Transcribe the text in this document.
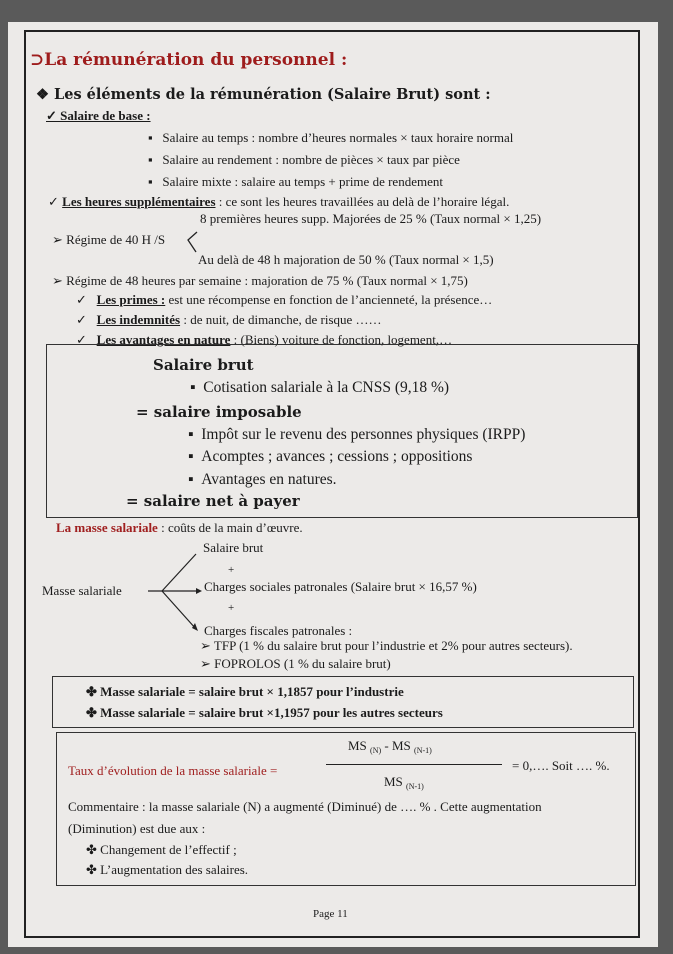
⊃La rémunération du personnel :
❖ Les éléments de la rémunération (Salaire Brut) sont :
✓ Salaire de base :
▪   Salaire au temps : nombre d’heures normales × taux horaire normal
▪   Salaire au rendement : nombre de pièces × taux par pièce
▪   Salaire mixte : salaire au temps + prime de rendement
✓ Les heures supplémentaires : ce sont les heures travaillées au delà de l’horaire légal.
8 premières heures supp. Majorées de 25 % (Taux normal × 1,25)
➢ Régime de 40 H /S
Au delà de 48 h majoration de 50 % (Taux normal × 1,5)
➢ Régime de 48 heures par semaine : majoration de 75 % (Taux normal × 1,75)
✓   Les primes : est une récompense en fonction de l’ancienneté, la présence…
✓   Les indemnités : de nuit, de dimanche, de risque ……
✓   Les avantages en nature : (Biens) voiture de fonction, logement,…
Salaire brut
▪  Cotisation salariale à la CNSS (9,18 %)
= salaire imposable
▪  Impôt sur le revenu des personnes physiques (IRPP)
▪  Acomptes ; avances ; cessions ; oppositions
▪  Avantages en natures.
= salaire net à payer
La masse salariale : coûts de la main d’œuvre.
Salaire brut
+
Masse salariale	Charges sociales patronales (Salaire brut × 16,57 %)
+
Charges fiscales patronales :
➢ TFP (1 % du salaire brut pour l’industrie et 2% pour autres secteurs).
➢ FOPROLOS (1 % du salaire brut)
✤ Masse salariale = salaire brut × 1,1857 pour l’industrie
✤ Masse salariale = salaire brut ×1,1957 pour les autres secteurs
Taux d’évolution de la masse salariale =
MS $_{(N)}$ - MS $_{(N-1)}$
MS $_{(N-1)}$
= 0,…. Soit …. %.
Commentaire : la masse salariale (N) a augmenté (Diminué) de …. % . Cette augmentation
(Diminution) est due aux :
✤ Changement de l’effectif ;
✤ L’augmentation des salaires.
Page 11
